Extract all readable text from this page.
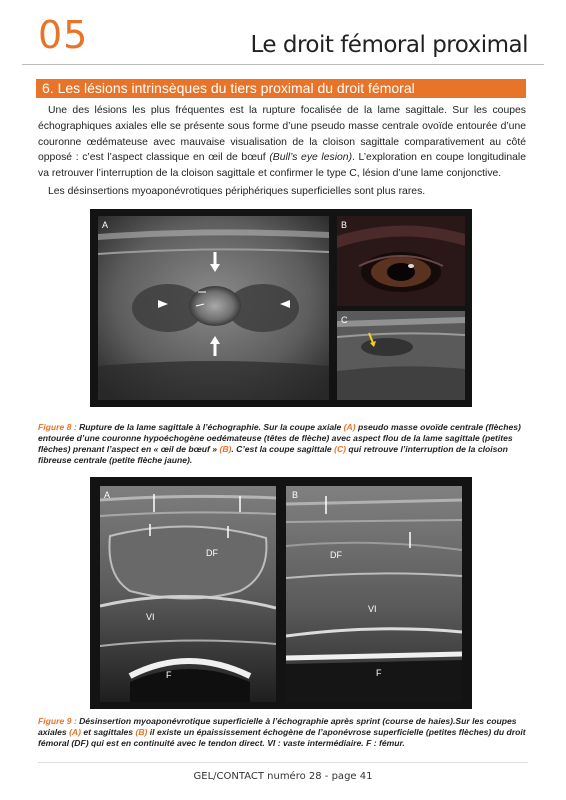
05	Le droit fémoral proximal
6. Les lésions intrinsèques du tiers proximal du droit fémoral

Une des lésions les plus fréquentes est la rupture focalisée de la lame sagittale. Sur les coupes échographiques axiales elle se présente sous forme d’une pseudo masse centrale ovoïde entourée d’une couronne œdémateuse avec mauvaise visualisation de la cloison sagittale comparativement au côté opposé : c’est l’aspect classique en œil de bœuf (Bull’s eye lesion). L’exploration en coupe longitudinale va retrouver l’interruption de la cloison sagittale et confirmer le type C, lésion d’une lame conjonctive.

Les désinsertions myoaponévrotiques périphériques superficielles sont plus rares.

A	B
C

Figure 8 : Rupture de la lame sagittale à l’échographie. Sur la coupe axiale (A) pseudo masse ovoïde centrale (flèches) entourée d’une couronne hypoéchogène oedémateuse (têtes de flèche) avec aspect flou de la lame sagittale (petites flèches) prenant l’aspect en « œil de bœuf » (B). C’est la coupe sagittale (C) qui retrouve l’interruption de la cloison fibreuse centrale (petite flèche jaune).

A
DF
VI
F
B
DF
VI
F

Figure 9 : Désinsertion myoaponévrotique superficielle à l’échographie après sprint (course de haies).Sur les coupes axiales (A) et sagittales (B) il existe un épaississement échogène de l’aponévrose superficielle (petites flèches) du droit fémoral (DF) qui est en continuité avec le tendon direct. VI : vaste intermédiaire. F : fémur.

GEL/CONTACT numéro 28 - page 41
